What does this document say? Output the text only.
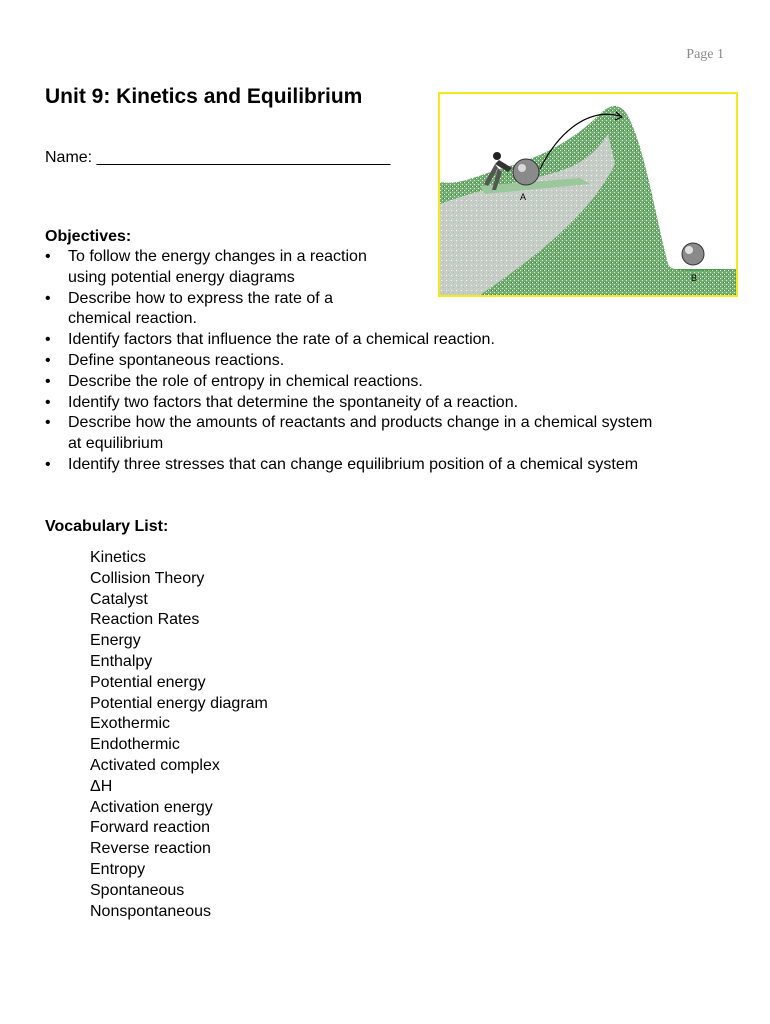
Page 1
Unit 9: Kinetics and Equilibrium
Name: _________________________________
A
B
Objectives:
•	To follow the energy changes in a reaction
using potential energy diagrams
•	Describe how to express the rate of a
chemical reaction.
•	Identify factors that influence the rate of a chemical reaction.
•	Define spontaneous reactions.
•	Describe the role of entropy in chemical reactions.
•	Identify two factors that determine the spontaneity of a reaction.
•	Describe how the amounts of reactants and products change in a chemical system
at equilibrium
•	Identify three stresses that can change equilibrium position of a chemical system
Vocabulary List:
Kinetics
Collision Theory
Catalyst
Reaction Rates
Energy
Enthalpy
Potential energy
Potential energy diagram
Exothermic
Endothermic
Activated complex
ΔH
Activation energy
Forward reaction
Reverse reaction
Entropy
Spontaneous
Nonspontaneous
